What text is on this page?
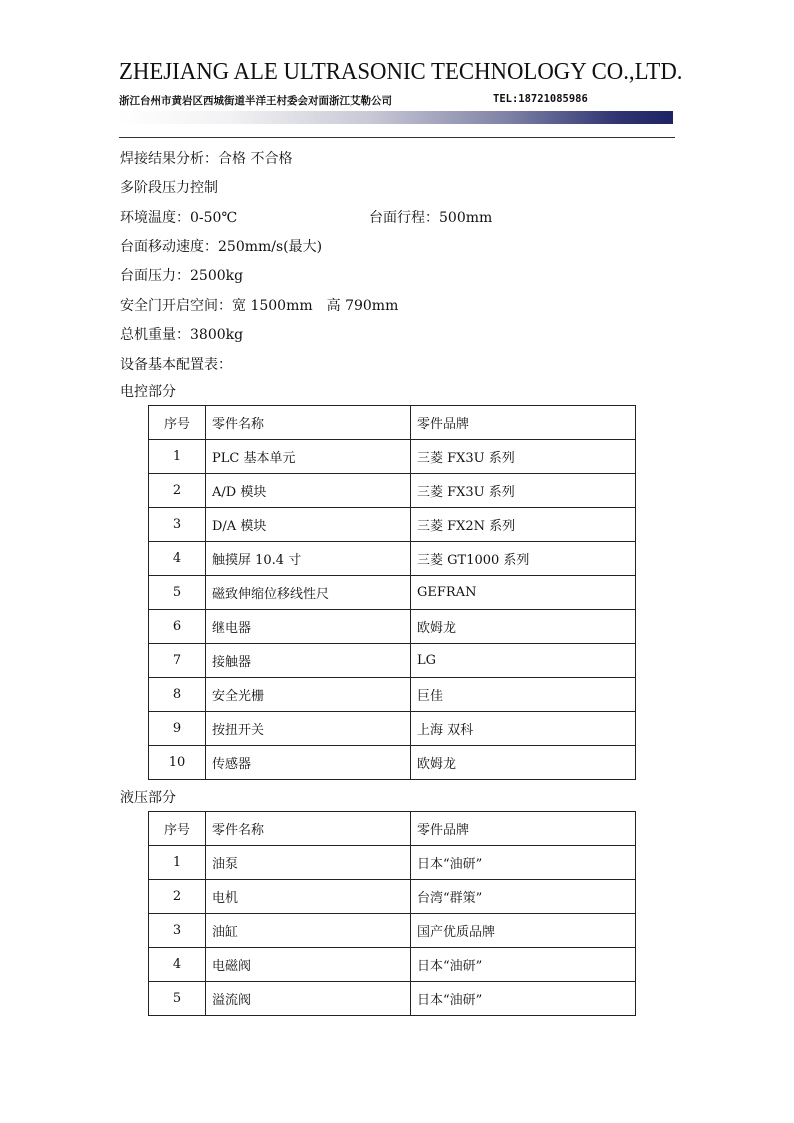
ZHEJIANG ALE ULTRASONIC TECHNOLOGY CO.,LTD.
浙江台州市黄岩区西城街道半洋王村委会对面浙江艾勒公司	TEL:18721085986
焊接结果分析：合格 不合格
多阶段压力控制
环境温度：0-50℃	台面行程：500mm
台面移动速度：250mm/s(最大)
台面压力：2500kg
安全门开启空间：宽 1500mm　高 790mm
总机重量：3800kg
设备基本配置表：
电控部分
序号	零件名称	零件品牌
1	PLC 基本单元	三菱 FX3U 系列
2	A/D 模块	三菱 FX3U 系列
3	D/A 模块	三菱 FX2N 系列
4	触摸屏 10.4 寸	三菱 GT1000 系列
5	磁致伸缩位移线性尺	GEFRAN
6	继电器	欧姆龙
7	接触器	LG
8	安全光栅	巨佳
9	按扭开关	上海 双科
10	传感器	欧姆龙
液压部分
序号	零件名称	零件品牌
1	油泵	日本“油研”
2	电机	台湾“群策”
3	油缸	国产优质品牌
4	电磁阀	日本“油研”
5	溢流阀	日本“油研”
